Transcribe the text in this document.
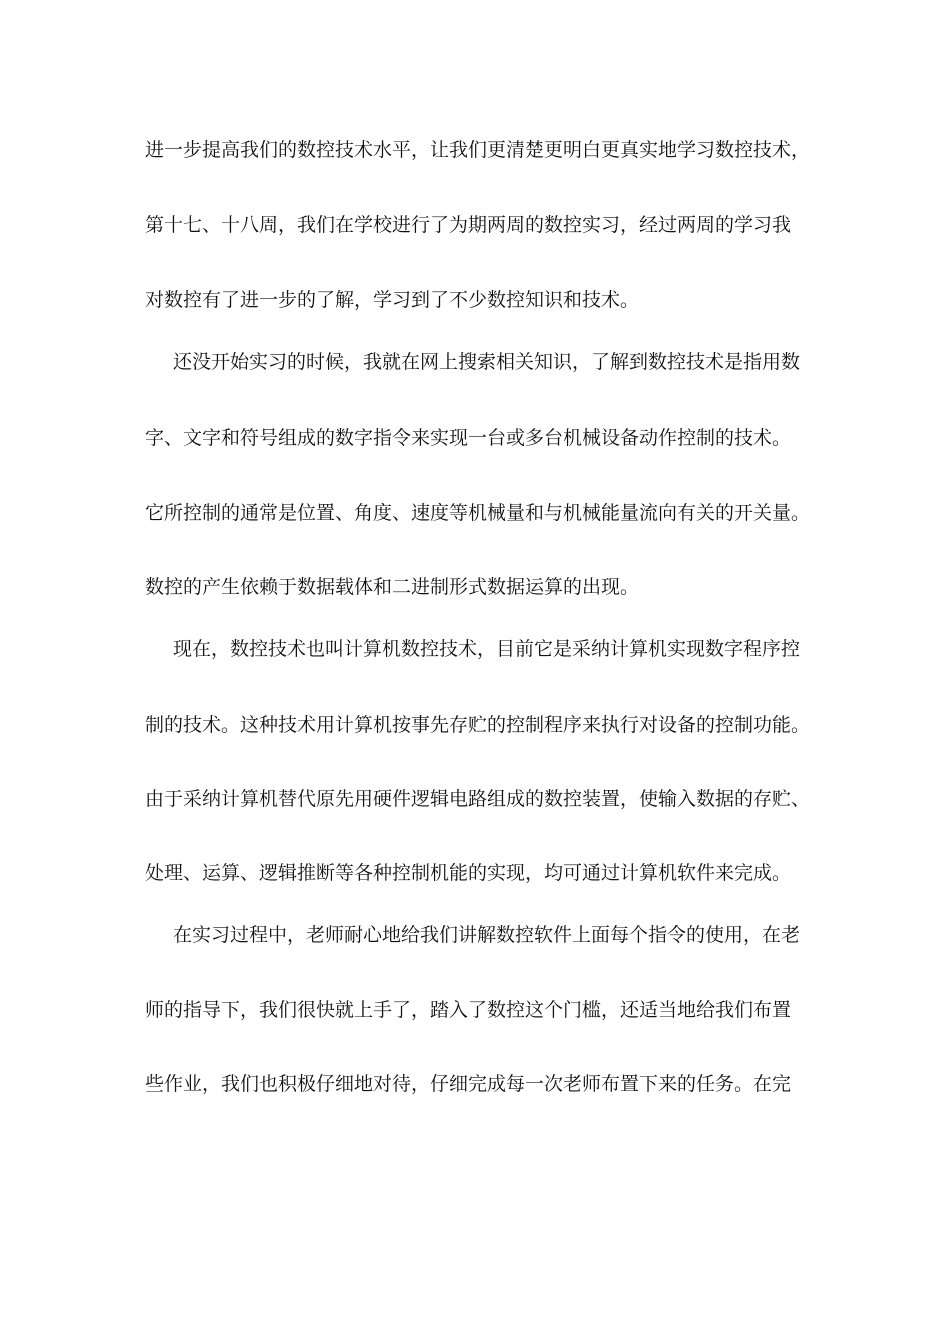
进一步提高我们的数控技术水平，让我们更清楚更明白更真实地学习数控技术，
第十七、十八周，我们在学校进行了为期两周的数控实习，经过两周的学习我
对数控有了进一步的了解，学习到了不少数控知识和技术。
还没开始实习的时候，我就在网上搜索相关知识，了解到数控技术是指用数
字、文字和符号组成的数字指令来实现一台或多台机械设备动作控制的技术。
它所控制的通常是位置、角度、速度等机械量和与机械能量流向有关的开关量。
数控的产生依赖于数据载体和二进制形式数据运算的出现。
现在，数控技术也叫计算机数控技术，目前它是采纳计算机实现数字程序控
制的技术。这种技术用计算机按事先存贮的控制程序来执行对设备的控制功能。
由于采纳计算机替代原先用硬件逻辑电路组成的数控装置，使输入数据的存贮、
处理、运算、逻辑推断等各种控制机能的实现，均可通过计算机软件来完成。
在实习过程中，老师耐心地给我们讲解数控软件上面每个指令的使用，在老
师的指导下，我们很快就上手了，踏入了数控这个门槛，还适当地给我们布置
些作业，我们也积极仔细地对待，仔细完成每一次老师布置下来的任务。在完
